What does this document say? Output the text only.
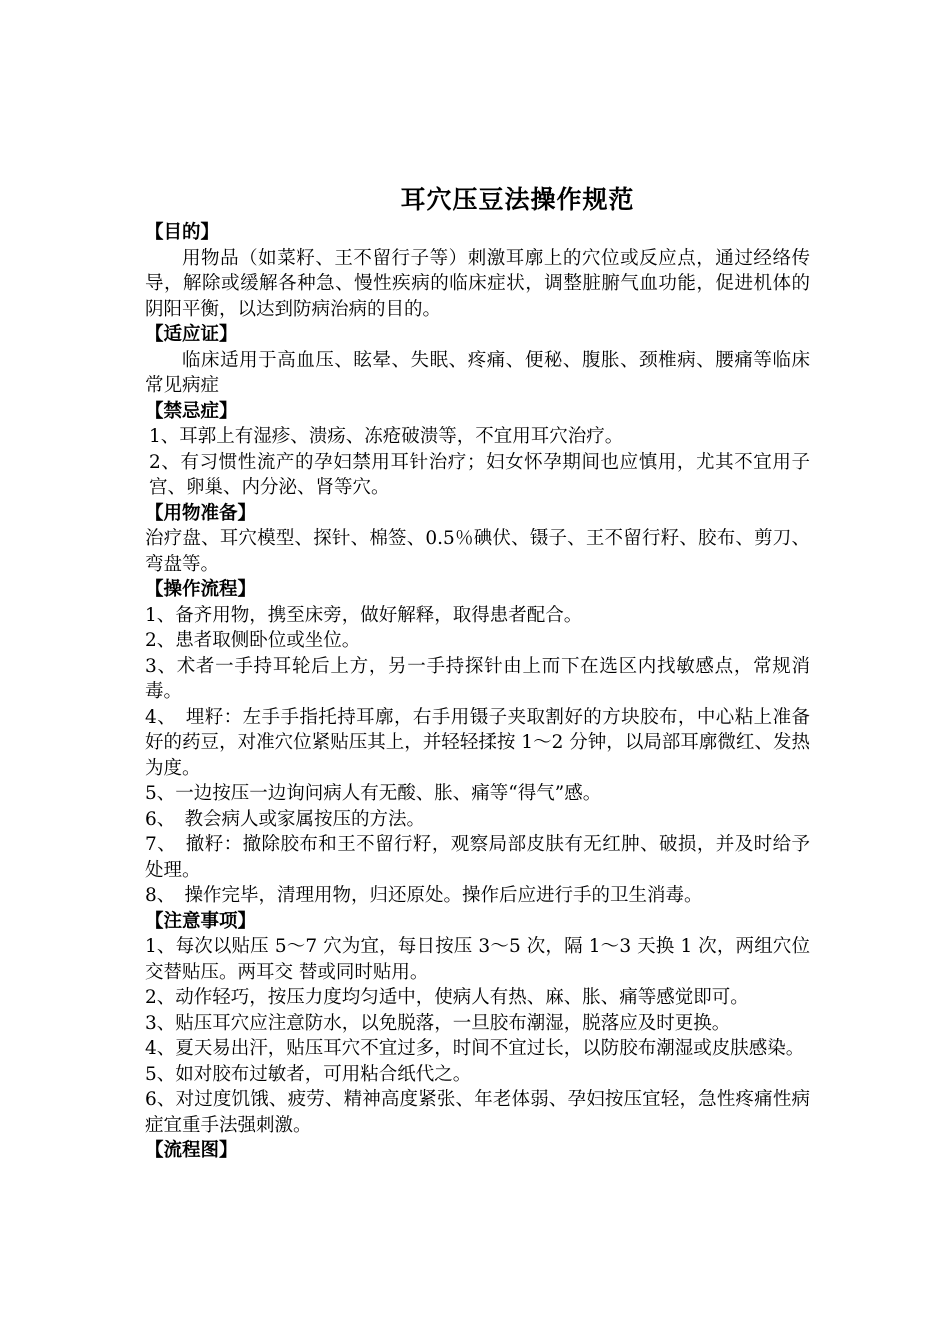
耳穴压豆法操作规范
【目的】

用物品（如菜籽、王不留行子等）刺激耳廓上的穴位或反应点，通过经络传导，解除或缓解各种急、慢性疾病的临床症状，调整脏腑气血功能，促进机体的阴阳平衡，以达到防病治病的目的。

【适应证】

临床适用于高血压、眩晕、失眠、疼痛、便秘、腹胀、颈椎病、腰痛等临床常见病症

【禁忌症】

1、耳郭上有湿疹、溃疡、冻疮破溃等，不宜用耳穴治疗。

2、有习惯性流产的孕妇禁用耳针治疗；妇女怀孕期间也应慎用，尤其不宜用子宫、卵巢、内分泌、肾等穴。

【用物准备】

治疗盘、耳穴模型、探针、棉签、0.5％碘伏、镊子、王不留行籽、胶布、剪刀、弯盘等。

【操作流程】

1、备齐用物，携至床旁，做好解释，取得患者配合。

2、患者取侧卧位或坐位。

3、术者一手持耳轮后上方，另一手持探针由上而下在选区内找敏感点，常规消毒。

4、　埋籽：左手手指托持耳廓，右手用镊子夹取割好的方块胶布，中心粘上准备好的药豆，对准穴位紧贴压其上，并轻轻揉按 1～2 分钟，以局部耳廓微红、发热为度。

5、一边按压一边询问病人有无酸、胀、痛等“得气”感。

6、　教会病人或家属按压的方法。

7、　撤籽：撤除胶布和王不留行籽，观察局部皮肤有无红肿、破损，并及时给予处理。

8、　操作完毕，清理用物，归还原处。操作后应进行手的卫生消毒。

【注意事项】

1、每次以贴压 5～7 穴为宜，每日按压 3～5 次，隔 1～3 天换 1 次，两组穴位交替贴压。两耳交 替或同时贴用。

2、动作轻巧，按压力度均匀适中，使病人有热、麻、胀、痛等感觉即可。

3、贴压耳穴应注意防水，以免脱落，一旦胶布潮湿，脱落应及时更换。

4、夏天易出汗，贴压耳穴不宜过多，时间不宜过长，以防胶布潮湿或皮肤感染。

5、如对胶布过敏者，可用粘合纸代之。

6、对过度饥饿、疲劳、精神高度紧张、年老体弱、孕妇按压宜轻，急性疼痛性病症宜重手法强刺激。

【流程图】
